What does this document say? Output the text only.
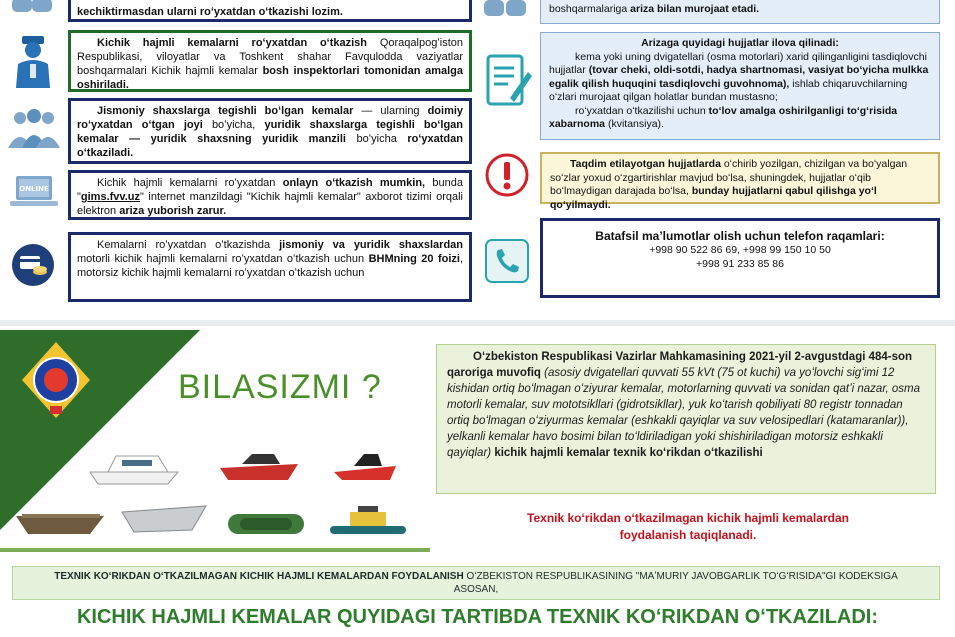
kechiktirmasdan ularni roʻyxatdan oʻtkazishi lozim.
Kichik hajmli kemalarni roʻyxatdan oʻtkazish Qoraqalpogʻiston Respublikasi, viloyatlar va Toshkent shahar Favqulodda vaziyatlar boshqarmalari Kichik hajmli kemalar bosh inspektorlari tomonidan amalga oshiriladi.
Jismoniy shaxslarga tegishli boʻlgan kemalar — ularning doimiy roʻyxatdan oʻtgan joyi boʻyicha, yuridik shaxslarga tegishli boʻlgan kemalar — yuridik shaxsning yuridik manzili boʻyicha roʻyxatdan oʻtkaziladi.
ONLINE	Kichik hajmli kemalarni roʻyxatdan onlayn oʻtkazish mumkin, bunda "gims.fvv.uz" internet manzildagi "Kichik hajmli kemalar" axborot tizimi orqali elektron ariza yuborish zarur.
Kemalarni roʻyxatdan oʻtkazishda jismoniy va yuridik shaxslardan motorli kichik hajmli kemalarni roʻyxatdan oʻtkazish uchun BHMning 20 foizi, motorsiz kichik hajmli kemalarni roʻyxatdan oʻtkazish uchun
boshqarmalariga ariza bilan murojaat etadi.
Arizaga quyidagi hujjatlar ilova qilinadi:
kema yoki uning dvigatellari (osma motorlari) xarid qilinganligini tasdiqlovchi hujjatlar (tovar cheki, oldi-sotdi, hadya shartnomasi, vasiyat boʻyicha mulkka egalik qilish huquqini tasdiqlovchi guvohnoma), ishlab chiqaruvchilarning oʻzlari murojaat qilgan holatlar bundan mustasno;
roʻyxatdan oʻtkazilishi uchun toʻlov amalga oshirilganligi toʻgʻrisida xabarnoma (kvitansiya).
Taqdim etilayotgan hujjatlarda oʻchirib yozilgan, chizilgan va boʻyalgan soʻzlar yoxud oʻzgartirishlar mavjud boʻlsa, shuningdek, hujjatlar oʻqib boʻlmaydigan darajada boʻlsa, bunday hujjatlarni qabul qilishga yoʻl qoʻyilmaydi.
Batafsil maʼlumotlar olish uchun telefon raqamlari:
+998 90 522 86 69, +998 99 150 10 50
+998 91 233 85 86
BILASIZMI ?
Oʻzbekiston Respublikasi Vazirlar Mahkamasining 2021-yil 2-avgustdagi 484-son qaroriga muvofiq (asosiy dvigatellari quvvati 55 kVt (75 ot kuchi) va yoʻlovchi sigʻimi 12 kishidan ortiq boʻlmagan oʻziyurar kemalar, motorlarning quvvati va sonidan qatʼi nazar, osma motorli kemalar, suv mototsikllari (gidrotsikllar), yuk koʻtarish qobiliyati 80 registr tonnadan ortiq boʻlmagan oʻziyurmas kemalar (eshkakli qayiqlar va suv velosipedlari (katamaranlar)), yelkanli kemalar havo bosimi bilan toʻldiriladigan yoki shishiriladigan motorsiz eshkakli qayiqlar) kichik hajmli kemalar texnik koʻrikdan oʻtkazilishi
Texnik koʻrikdan oʻtkazilmagan kichik hajmli kemalardan
foydalanish taqiqlanadi.
TEXNIK KOʻRIKDAN OʻTKAZILMAGAN KICHIK HAJMLI KEMALARDAN FOYDALANISH OʻZBEKISTON RESPUBLIKASINING "MAʼMURIY JAVOBGARLIK TOʻGʻRISIDA"GI KODEKSIGA
ASOSAN,
KICHIK HAJMLI KEMALAR QUYIDAGI TARTIBDA TEXNIK KOʻRIKDAN OʻTKAZILADI:
